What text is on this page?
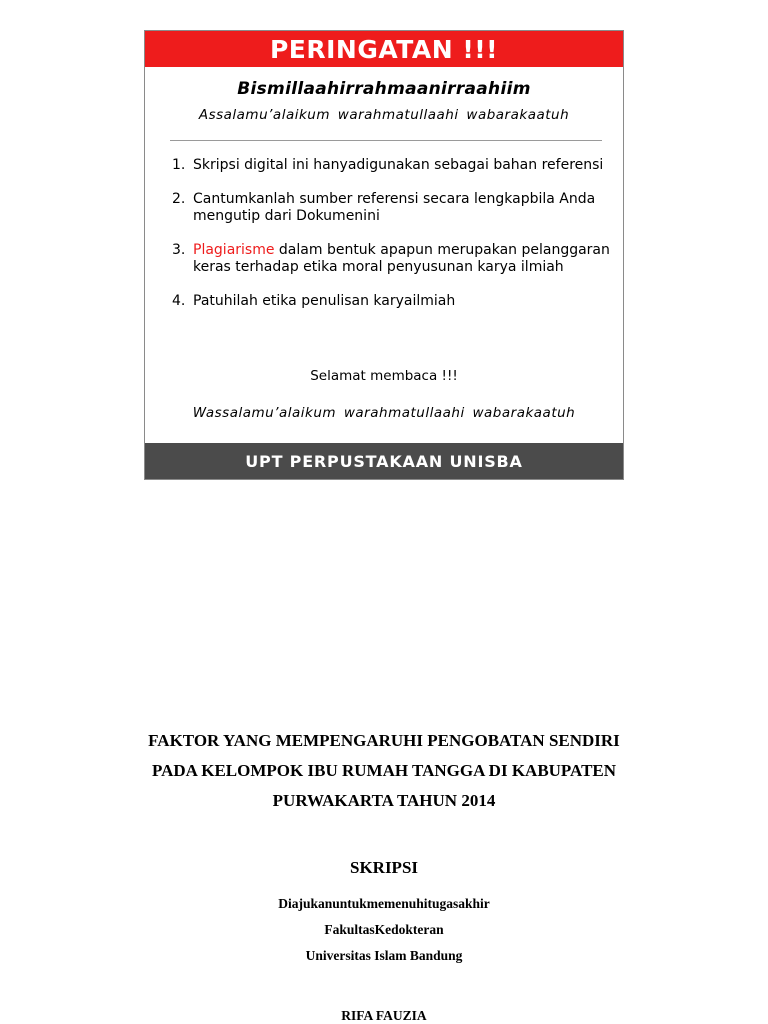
PERINGATAN !!!
Bismillaahirrahmaanirraahiim
Assalamu’alaikum warahmatullaahi wabarakaatuh
1. Skripsi digital ini hanyadigunakan sebagai bahan referensi
2. Cantumkanlah sumber referensi secara lengkapbila Anda mengutip dari Dokumenini
3. Plagiarisme dalam bentuk apapun merupakan pelanggaran keras terhadap etika moral penyusunan karya ilmiah
4. Patuhilah etika penulisan karyailmiah
Selamat membaca !!!
Wassalamu’alaikum warahmatullaahi wabarakaatuh
UPT PERPUSTAKAAN UNISBA
FAKTOR YANG MEMPENGARUHI PENGOBATAN SENDIRI
PADA KELOMPOK IBU RUMAH TANGGA DI KABUPATEN
PURWAKARTA TAHUN 2014
SKRIPSI
Diajukanuntukmemenuhitugasakhir
FakultasKedokteran
Universitas Islam Bandung
RIFA FAUZIA
